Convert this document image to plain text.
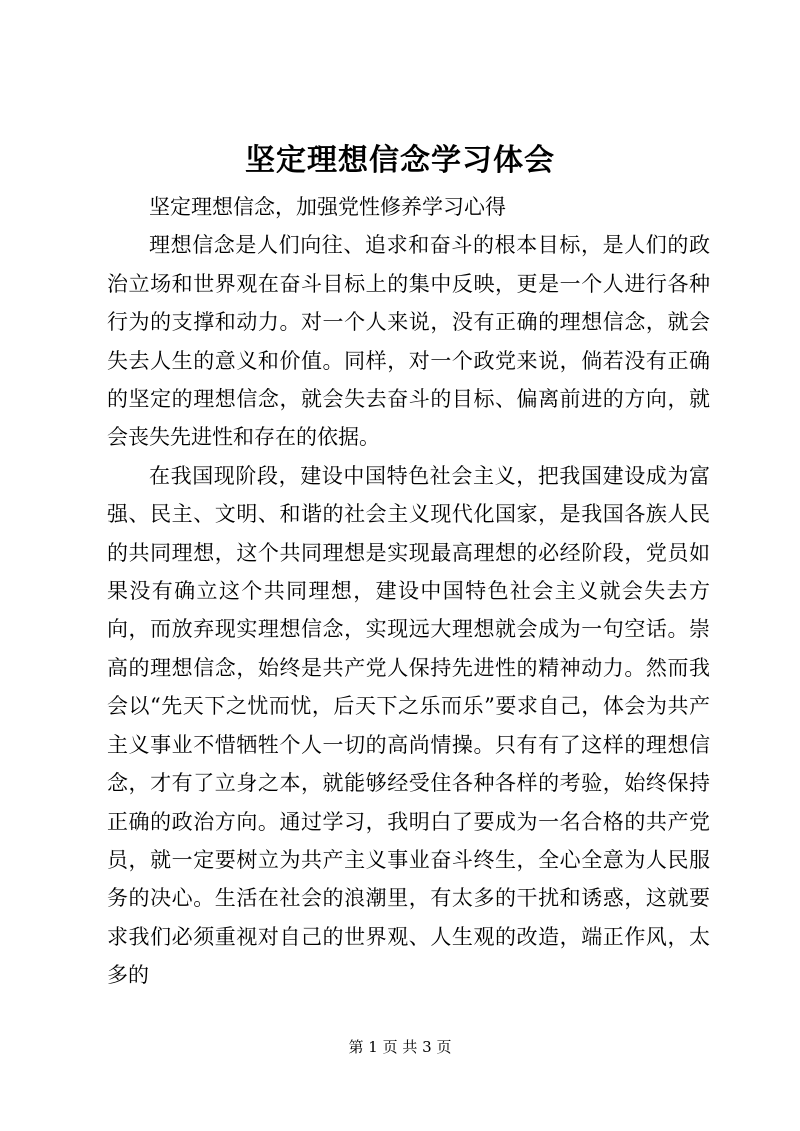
坚定理想信念学习体会

坚定理想信念，加强党性修养学习心得

理想信念是人们向往、追求和奋斗的根本目标，是人们的政治立场和世界观在奋斗目标上的集中反映，更是一个人进行各种行为的支撑和动力。对一个人来说，没有正确的理想信念，就会失去人生的意义和价值。同样，对一个政党来说，倘若没有正确的坚定的理想信念，就会失去奋斗的目标、偏离前进的方向，就会丧失先进性和存在的依据。

在我国现阶段，建设中国特色社会主义，把我国建设成为富强、民主、文明、和谐的社会主义现代化国家，是我国各族人民的共同理想，这个共同理想是实现最高理想的必经阶段，党员如果没有确立这个共同理想，建设中国特色社会主义就会失去方向，而放弃现实理想信念，实现远大理想就会成为一句空话。崇高的理想信念，始终是共产党人保持先进性的精神动力。然而我会以“先天下之忧而忧，后天下之乐而乐”要求自己，体会为共产主义事业不惜牺牲个人一切的高尚情操。只有有了这样的理想信念，才有了立身之本，就能够经受住各种各样的考验，始终保持正确的政治方向。通过学习，我明白了要成为一名合格的共产党员，就一定要树立为共产主义事业奋斗终生，全心全意为人民服务的决心。生活在社会的浪潮里，有太多的干扰和诱惑，这就要求我们必须重视对自己的世界观、人生观的改造，端正作风，太多的

第 1 页 共 3 页
